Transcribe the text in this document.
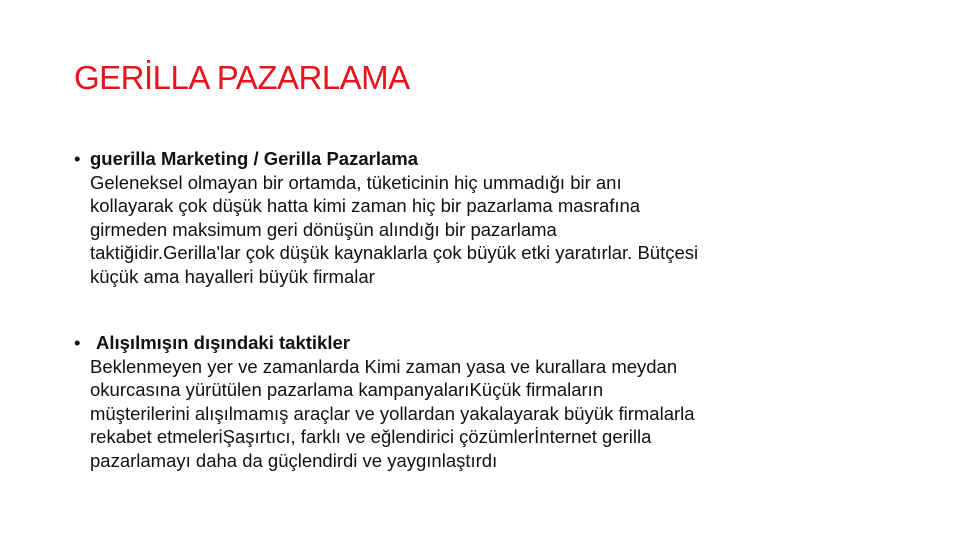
GERİLLA PAZARLAMA
• guerilla Marketing / Gerilla Pazarlama
Geleneksel olmayan bir ortamda, tüketicinin hiç ummadığı bir anı
kollayarak çok düşük hatta kimi zaman hiç bir pazarlama masrafına
girmeden maksimum geri dönüşün alındığı bir pazarlama
taktiğidir.Gerilla'lar çok düşük kaynaklarla çok büyük etki yaratırlar. Bütçesi
küçük ama hayalleri büyük firmalar
• Alışılmışın dışındaki taktikler
Beklenmeyen yer ve zamanlarda Kimi zaman yasa ve kurallara meydan
okurcasına yürütülen pazarlama kampanyalarıKüçük firmaların
müşterilerini alışılmamış araçlar ve yollardan yakalayarak büyük firmalarla
rekabet etmeleriŞaşırtıcı, farklı ve eğlendirici çözümlerİnternet gerilla
pazarlamayı daha da güçlendirdi ve yaygınlaştırdı
